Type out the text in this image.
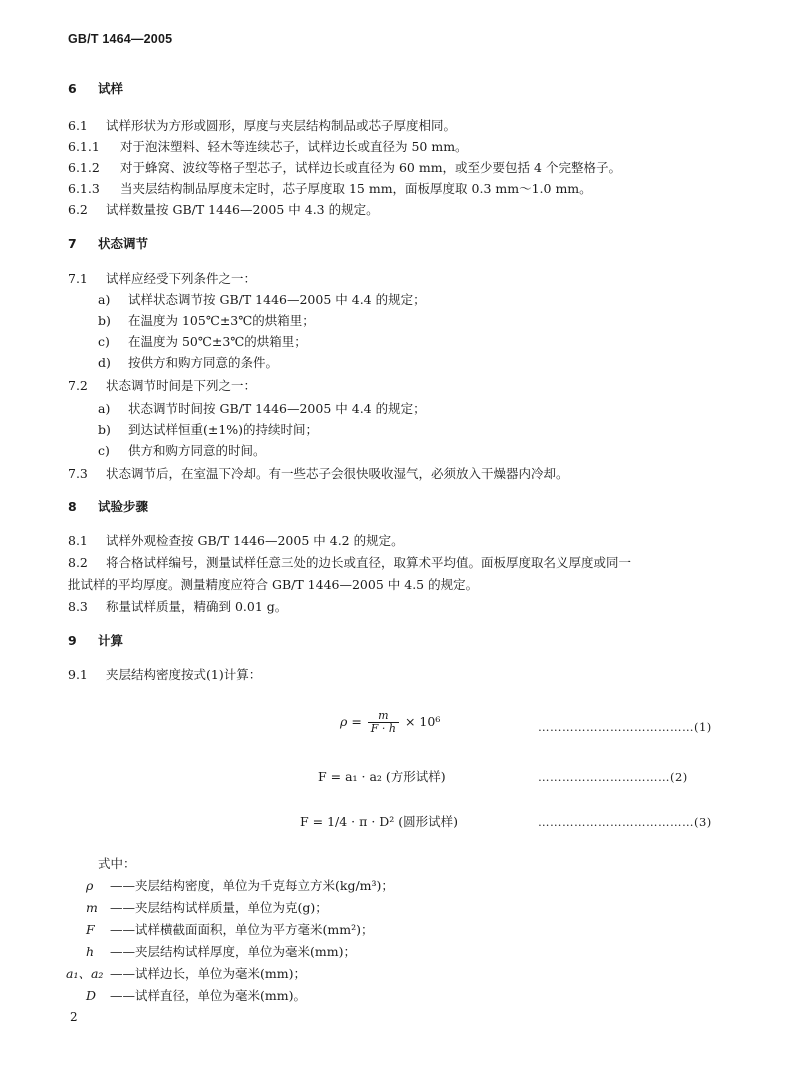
GB/T 1464—2005
6 试样
6.1 试样形状为方形或圆形，厚度与夹层结构制品或芯子厚度相同。
6.1.1 对于泡沫塑料、轻木等连续芯子，试样边长或直径为 50 mm。
6.1.2 对于蜂窝、波纹等格子型芯子，试样边长或直径为 60 mm，或至少要包括 4 个完整格子。
6.1.3 当夹层结构制品厚度未定时，芯子厚度取 15 mm，面板厚度取 0.3 mm～1.0 mm。
6.2 试样数量按 GB/T 1446—2005 中 4.3 的规定。
7 状态调节
7.1 试样应经受下列条件之一：
a) 试样状态调节按 GB/T 1446—2005 中 4.4 的规定；
b) 在温度为 105℃±3℃的烘箱里；
c) 在温度为 50℃±3℃的烘箱里；
d) 按供方和购方同意的条件。
7.2 状态调节时间是下列之一：
a) 状态调节时间按 GB/T 1446—2005 中 4.4 的规定；
b) 到达试样恒重(±1%)的持续时间；
c) 供方和购方同意的时间。
7.3 状态调节后，在室温下冷却。有一些芯子会很快吸收湿气，必须放入干燥器内冷却。
8 试验步骤
8.1 试样外观检查按 GB/T 1446—2005 中 4.2 的规定。
8.2 将合格试样编号，测量试样任意三处的边长或直径，取算术平均值。面板厚度取名义厚度或同一
批试样的平均厚度。测量精度应符合 GB/T 1446—2005 中 4.5 的规定。
8.3 称量试样质量，精确到 0.01 g。
9 计算
9.1 夹层结构密度按式(1)计算：
$\rho = \frac{m}{F \cdot h} \times 10^6$	…………………………………(1)
F = a₁ · a₂ (方形试样)	……………………………(2)
F = 1/4 · π · D² (圆形试样)	…………………………………(3)
式中：
ρ ——夹层结构密度，单位为千克每立方米(kg/m³)；
m ——夹层结构试样质量，单位为克(g)；
F ——试样横截面面积，单位为平方毫米(mm²)；
h ——夹层结构试样厚度，单位为毫米(mm)；
a₁、a₂ ——试样边长，单位为毫米(mm)；
D ——试样直径，单位为毫米(mm)。
2
